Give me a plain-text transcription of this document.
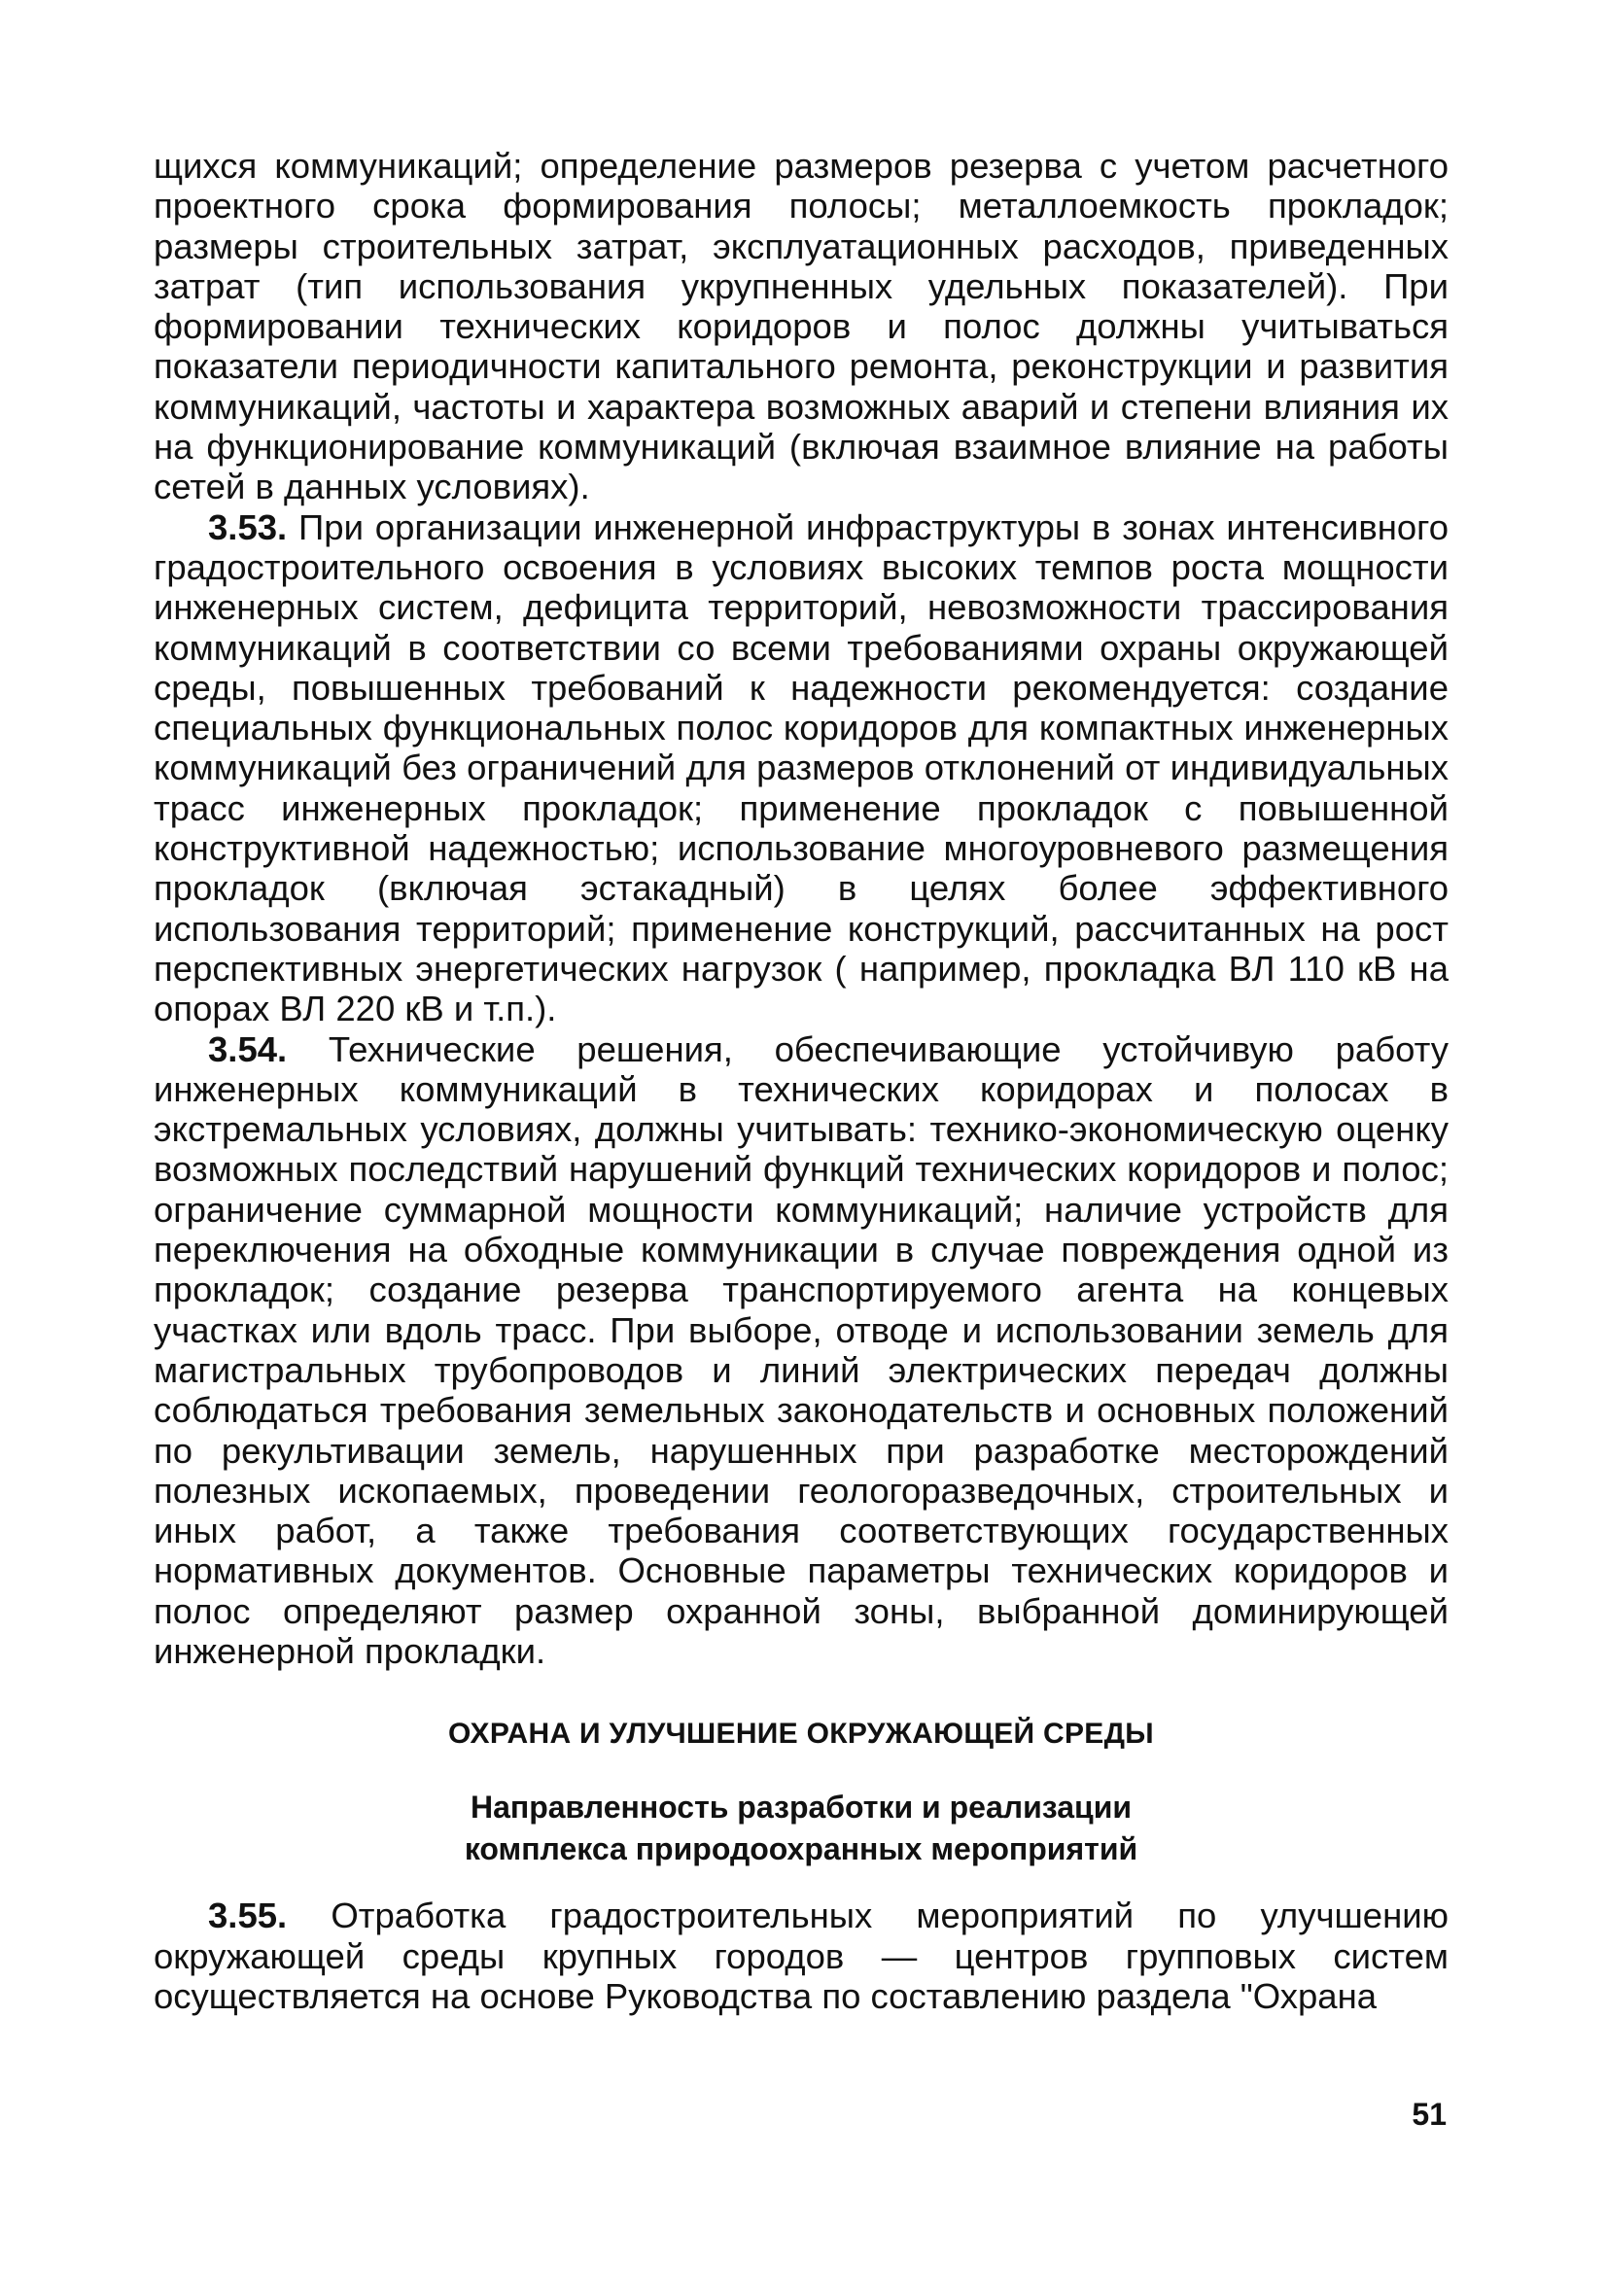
щихся коммуникаций; определение размеров резерва с учетом расчетного проектного срока формирования полосы; металлоемкость прокладок; размеры строительных затрат, эксплуатационных расходов, приведенных затрат (тип использования укрупненных удельных показателей). При формировании технических коридоров и полос должны учитываться показатели периодичности капитального ремонта, реконструкции и развития коммуникаций, частоты и характера возможных аварий и степени влияния их на функционирование коммуникаций (включая взаимное влияние на работы сетей в данных условиях).

3.53. При организации инженерной инфраструктуры в зонах интенсивного градостроительного освоения в условиях высоких темпов роста мощности инженерных систем, дефицита территорий, невозможности трассирования коммуникаций в соответствии со всеми требованиями охраны окружающей среды, повышенных требований к надежности рекомендуется: создание специальных функциональных полос коридоров для компактных инженерных коммуникаций без ограничений для размеров отклонений от индивидуальных трасс инженерных прокладок; применение прокладок с повышенной конструктивной надежностью; использование многоуровневого размещения прокладок (включая эстакадный) в целях более эффективного использования территорий; применение конструкций, рассчитанных на рост перспективных энергетических нагрузок ( например, прокладка ВЛ 110 кВ на опорах ВЛ 220 кВ и т.п.).

3.54. Технические решения, обеспечивающие устойчивую работу инженерных коммуникаций в технических коридорах и полосах в экстремальных условиях, должны учитывать: технико-экономическую оценку возможных последствий нарушений функций технических коридоров и полос; ограничение суммарной мощности коммуникаций; наличие устройств для переключения на обходные коммуникации в случае повреждения одной из прокладок; создание резерва транспортируемого агента на концевых участках или вдоль трасс. При выборе, отводе и использовании земель для магистральных трубопроводов и линий электрических передач должны соблюдаться требования земельных законодательств и основных положений по рекультивации земель, нарушенных при разработке месторождений полезных ископаемых, проведении геологоразведочных, строительных и иных работ, а также требования соответствующих государственных нормативных документов. Основные параметры технических коридоров и полос определяют размер охранной зоны, выбранной доминирующей инженерной прокладки.

ОХРАНА И УЛУЧШЕНИЕ ОКРУЖАЮЩЕЙ СРЕДЫ
Направленность разработки и реализации
комплекса природоохранных мероприятий

3.55. Отработка градостроительных мероприятий по улучшению окружающей среды крупных городов — центров групповых систем осуществляется на основе Руководства по составлению раздела "Охрана

51
